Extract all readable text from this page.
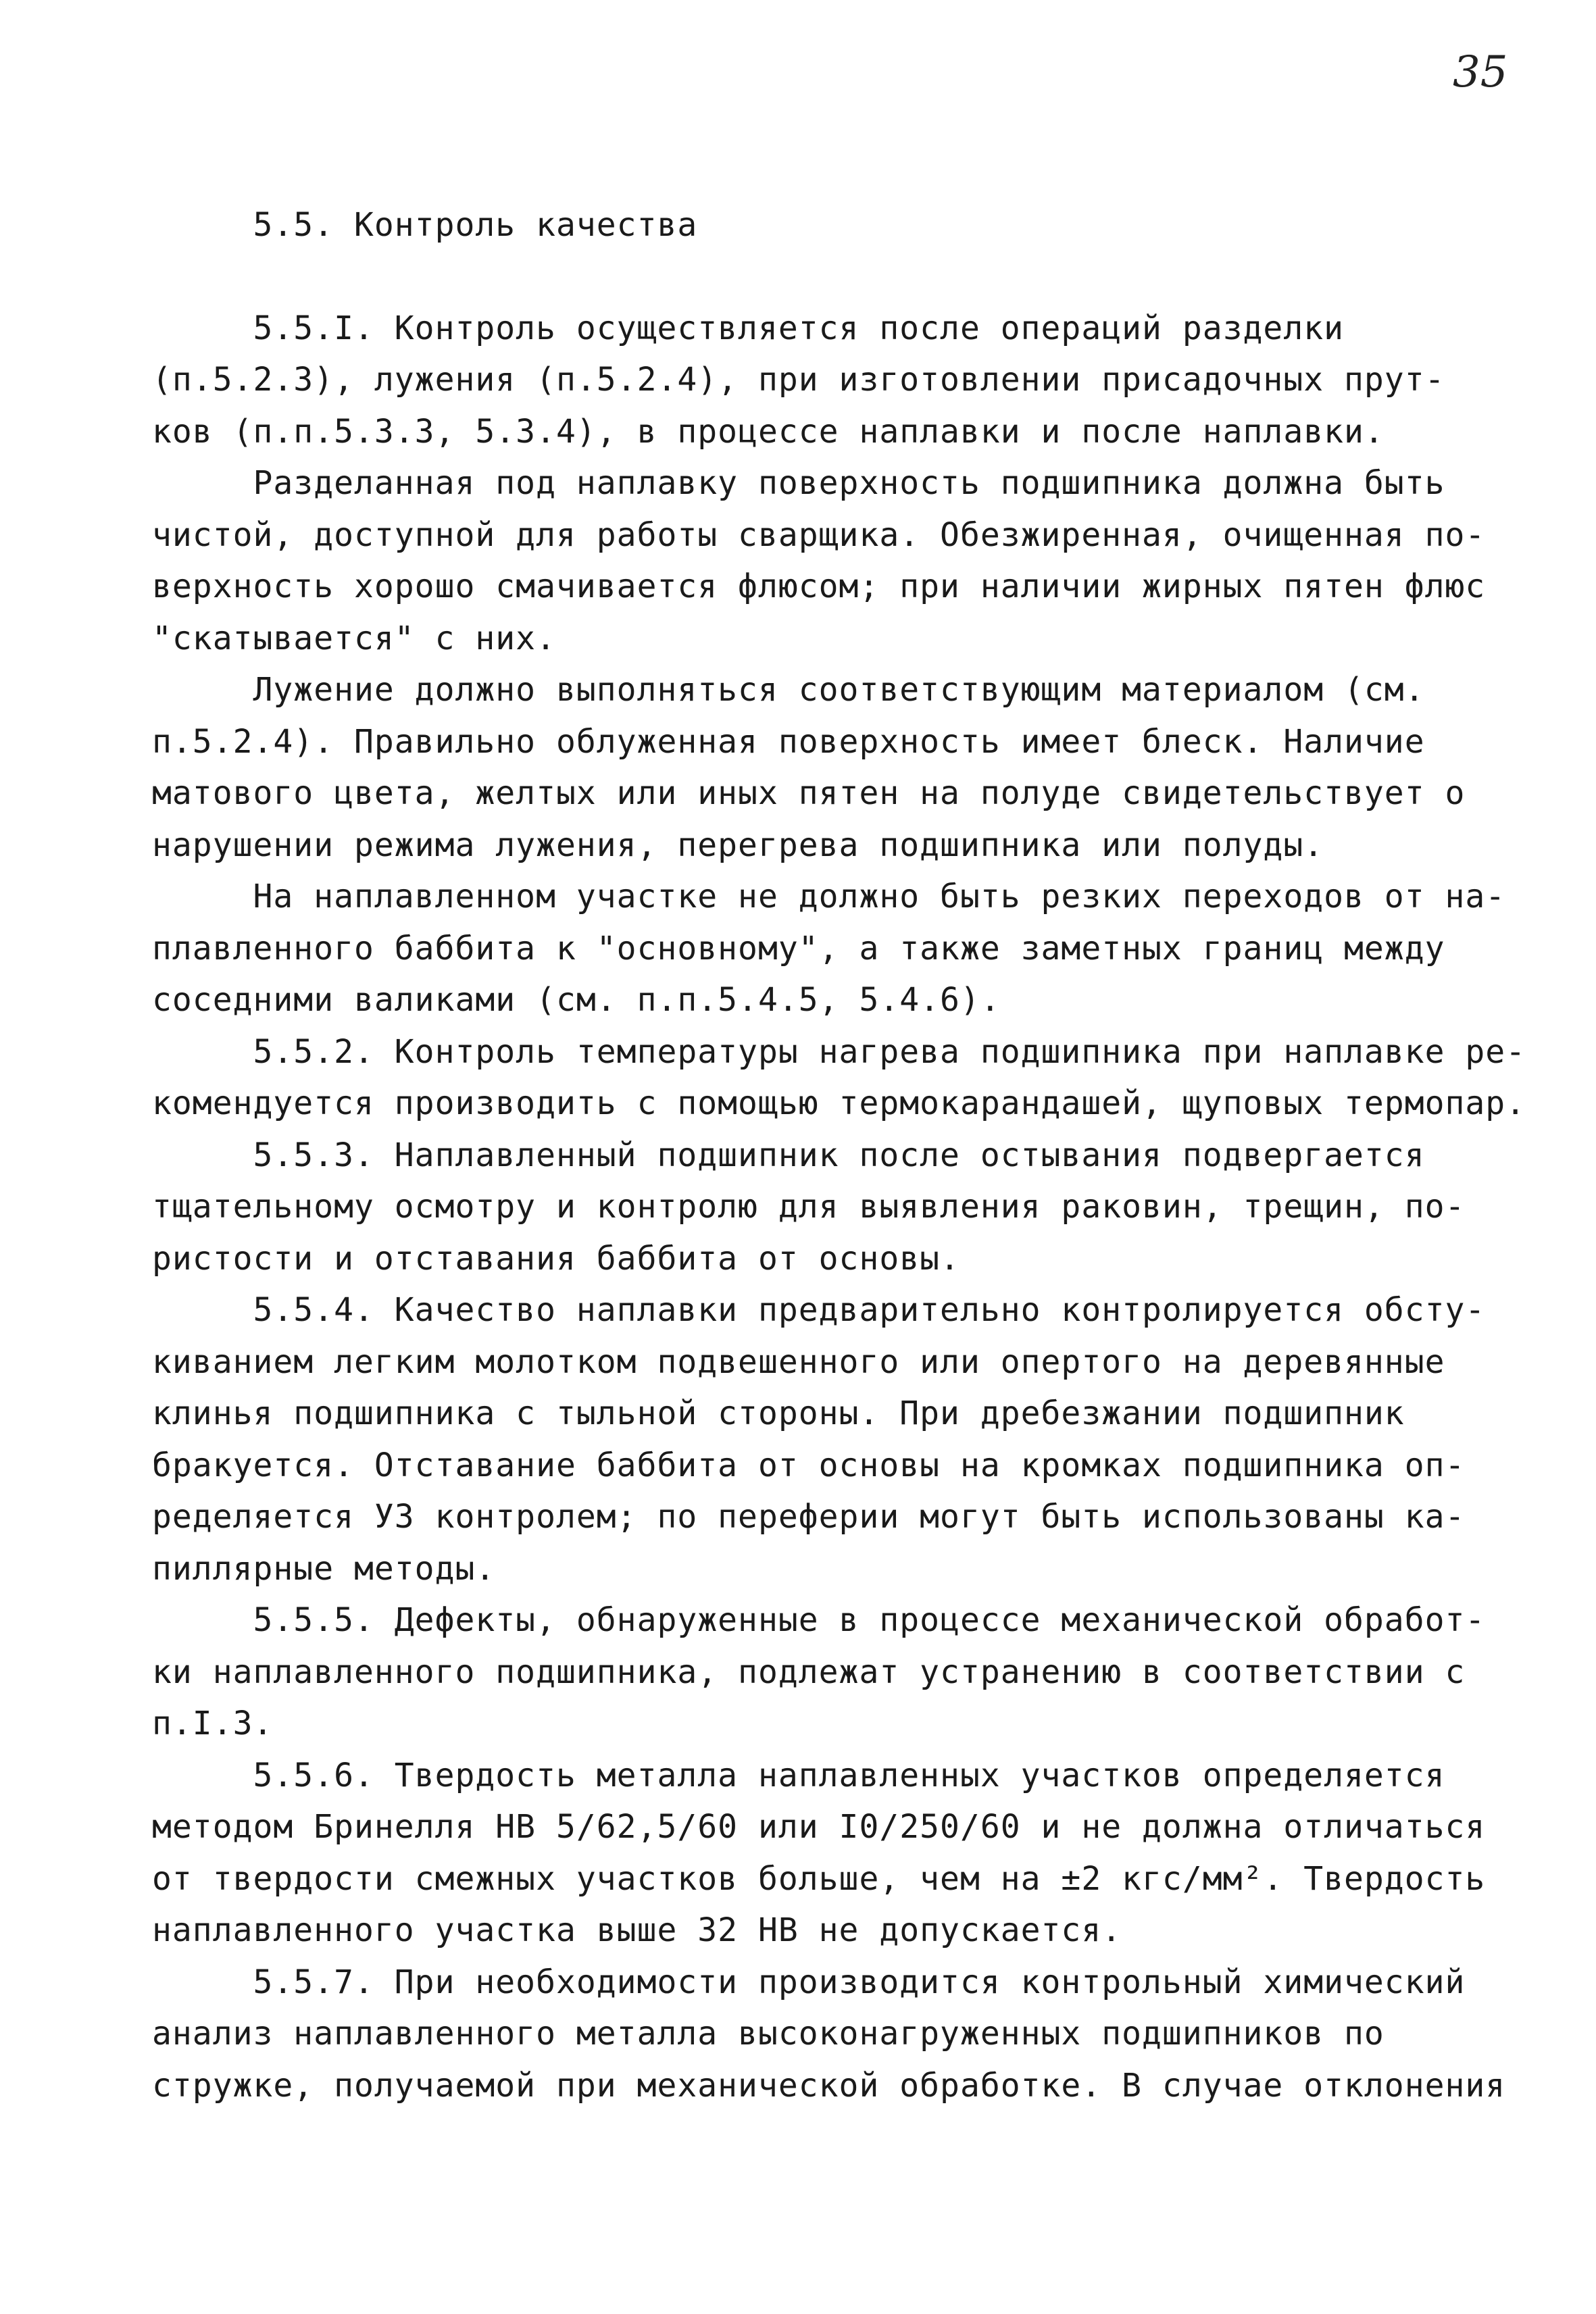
35
5.5. Контроль качества
5.5.I. Контроль осуществляется после операций разделки
(п.5.2.3), лужения (п.5.2.4), при изготовлении присадочных прут-
ков (п.п.5.3.3, 5.3.4), в процессе наплавки и после наплавки.
Разделанная под наплавку поверхность подшипника должна быть
чистой, доступной для работы сварщика. Обезжиренная, очищенная по-
верхность хорошо смачивается флюсом; при наличии жирных пятен флюс
"скатывается" с них.
Лужение должно выполняться соответствующим материалом (см.
п.5.2.4). Правильно облуженная поверхность имеет блеск. Наличие
матового цвета, желтых или иных пятен на полуде свидетельствует о
нарушении режима лужения, перегрева подшипника или полуды.
На наплавленном участке не должно быть резких переходов от на-
плавленного баббита к "основному", а также заметных границ между
соседними валиками (см. п.п.5.4.5, 5.4.6).
5.5.2. Контроль температуры нагрева подшипника при наплавке ре-
комендуется производить с помощью термокарандашей, щуповых термопар.
5.5.3. Наплавленный подшипник после остывания подвергается
тщательному осмотру и контролю для выявления раковин, трещин, по-
ристости и отставания баббита от основы.
5.5.4. Качество наплавки предварительно контролируется обсту-
киванием легким молотком подвешенного или опертого на деревянные
клинья подшипника с тыльной стороны. При дребезжании подшипник
бракуется. Отставание баббита от основы на кромках подшипника оп-
ределяется УЗ контролем; по переферии могут быть использованы ка-
пиллярные методы.
5.5.5. Дефекты, обнаруженные в процессе механической обработ-
ки наплавленного подшипника, подлежат устранению в соответствии с
п.I.3.
5.5.6. Твердость металла наплавленных участков определяется
методом Бринелля НВ 5/62,5/60 или I0/250/60 и не должна отличаться
от твердости смежных участков больше, чем на ±2 кгс/мм². Твердость
наплавленного участка выше 32 НВ не допускается.
5.5.7. При необходимости производится контрольный химический
анализ наплавленного металла высоконагруженных подшипников по
стружке, получаемой при механической обработке. В случае отклонения
